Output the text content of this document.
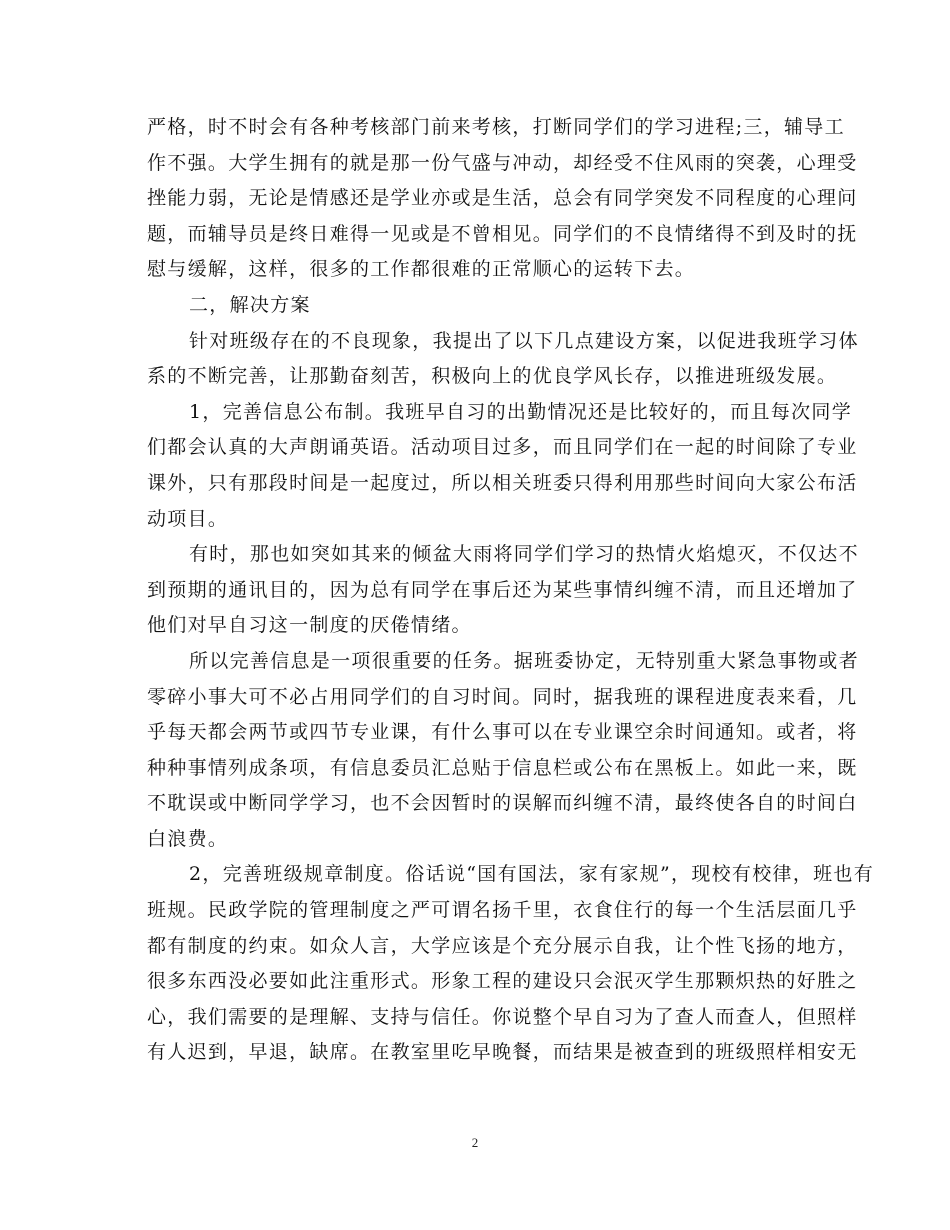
严格，时不时会有各种考核部门前来考核，打断同学们的学习进程;三，辅导工
作不强。大学生拥有的就是那一份气盛与冲动，却经受不住风雨的突袭，心理受
挫能力弱，无论是情感还是学业亦或是生活，总会有同学突发不同程度的心理问
题，而辅导员是终日难得一见或是不曾相见。同学们的不良情绪得不到及时的抚
慰与缓解，这样，很多的工作都很难的正常顺心的运转下去。
二，解决方案
针对班级存在的不良现象，我提出了以下几点建设方案，以促进我班学习体
系的不断完善，让那勤奋刻苦，积极向上的优良学风长存，以推进班级发展。
1，完善信息公布制。我班早自习的出勤情况还是比较好的，而且每次同学
们都会认真的大声朗诵英语。活动项目过多，而且同学们在一起的时间除了专业
课外，只有那段时间是一起度过，所以相关班委只得利用那些时间向大家公布活
动项目。
有时，那也如突如其来的倾盆大雨将同学们学习的热情火焰熄灭，不仅达不
到预期的通讯目的，因为总有同学在事后还为某些事情纠缠不清，而且还增加了
他们对早自习这一制度的厌倦情绪。
所以完善信息是一项很重要的任务。据班委协定，无特别重大紧急事物或者
零碎小事大可不必占用同学们的自习时间。同时，据我班的课程进度表来看，几
乎每天都会两节或四节专业课，有什么事可以在专业课空余时间通知。或者，将
种种事情列成条项，有信息委员汇总贴于信息栏或公布在黑板上。如此一来，既
不耽误或中断同学学习，也不会因暂时的误解而纠缠不清，最终使各自的时间白
白浪费。
2，完善班级规章制度。俗话说“国有国法，家有家规”，现校有校律，班也有
班规。民政学院的管理制度之严可谓名扬千里，衣食住行的每一个生活层面几乎
都有制度的约束。如众人言，大学应该是个充分展示自我，让个性飞扬的地方，
很多东西没必要如此注重形式。形象工程的建设只会泯灭学生那颗炽热的好胜之
心，我们需要的是理解、支持与信任。你说整个早自习为了查人而查人，但照样
有人迟到，早退，缺席。在教室里吃早晚餐，而结果是被查到的班级照样相安无
2
